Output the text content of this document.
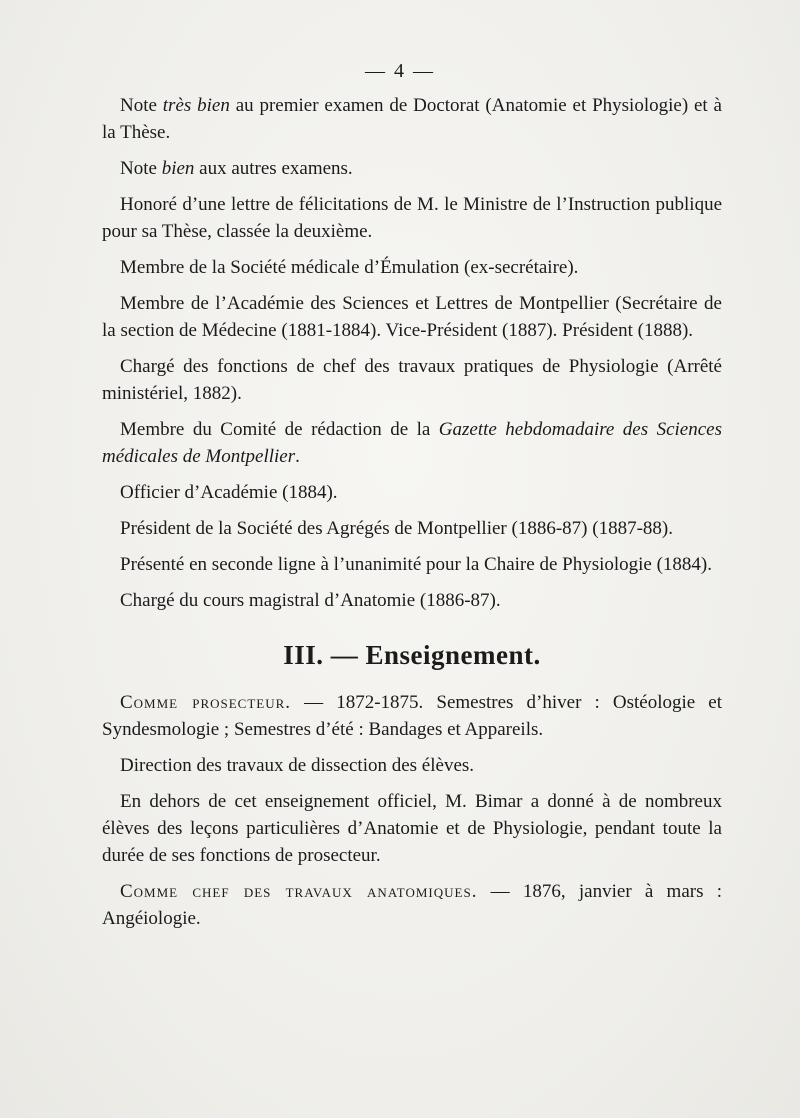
— 4 —
Note très bien au premier examen de Doctorat (Anatomie et Physiologie) et à la Thèse.
Note bien aux autres examens.
Honoré d’une lettre de félicitations de M. le Ministre de l’Instruction publique pour sa Thèse, classée la deuxième.
Membre de la Société médicale d’Émulation (ex-secrétaire).
Membre de l’Académie des Sciences et Lettres de Montpellier (Secrétaire de la section de Médecine (1881-1884). Vice-Président (1887). Président (1888).
Chargé des fonctions de chef des travaux pratiques de Physiologie (Arrêté ministériel, 1882).
Membre du Comité de rédaction de la Gazette hebdomadaire des Sciences médicales de Montpellier.
Officier d’Académie (1884).
Président de la Société des Agrégés de Montpellier (1886-87) (1887-88).
Présenté en seconde ligne à l’unanimité pour la Chaire de Physiologie (1884).
Chargé du cours magistral d’Anatomie (1886-87).
III. — Enseignement.
Comme prosecteur. — 1872-1875. Semestres d’hiver : Ostéologie et Syndesmologie ; Semestres d’été : Bandages et Appareils.
Direction des travaux de dissection des élèves.
En dehors de cet enseignement officiel, M. Bimar a donné à de nombreux élèves des leçons particulières d’Anatomie et de Physiologie, pendant toute la durée de ses fonctions de prosecteur.
Comme chef des travaux anatomiques. — 1876, janvier à mars : Angéiologie.
